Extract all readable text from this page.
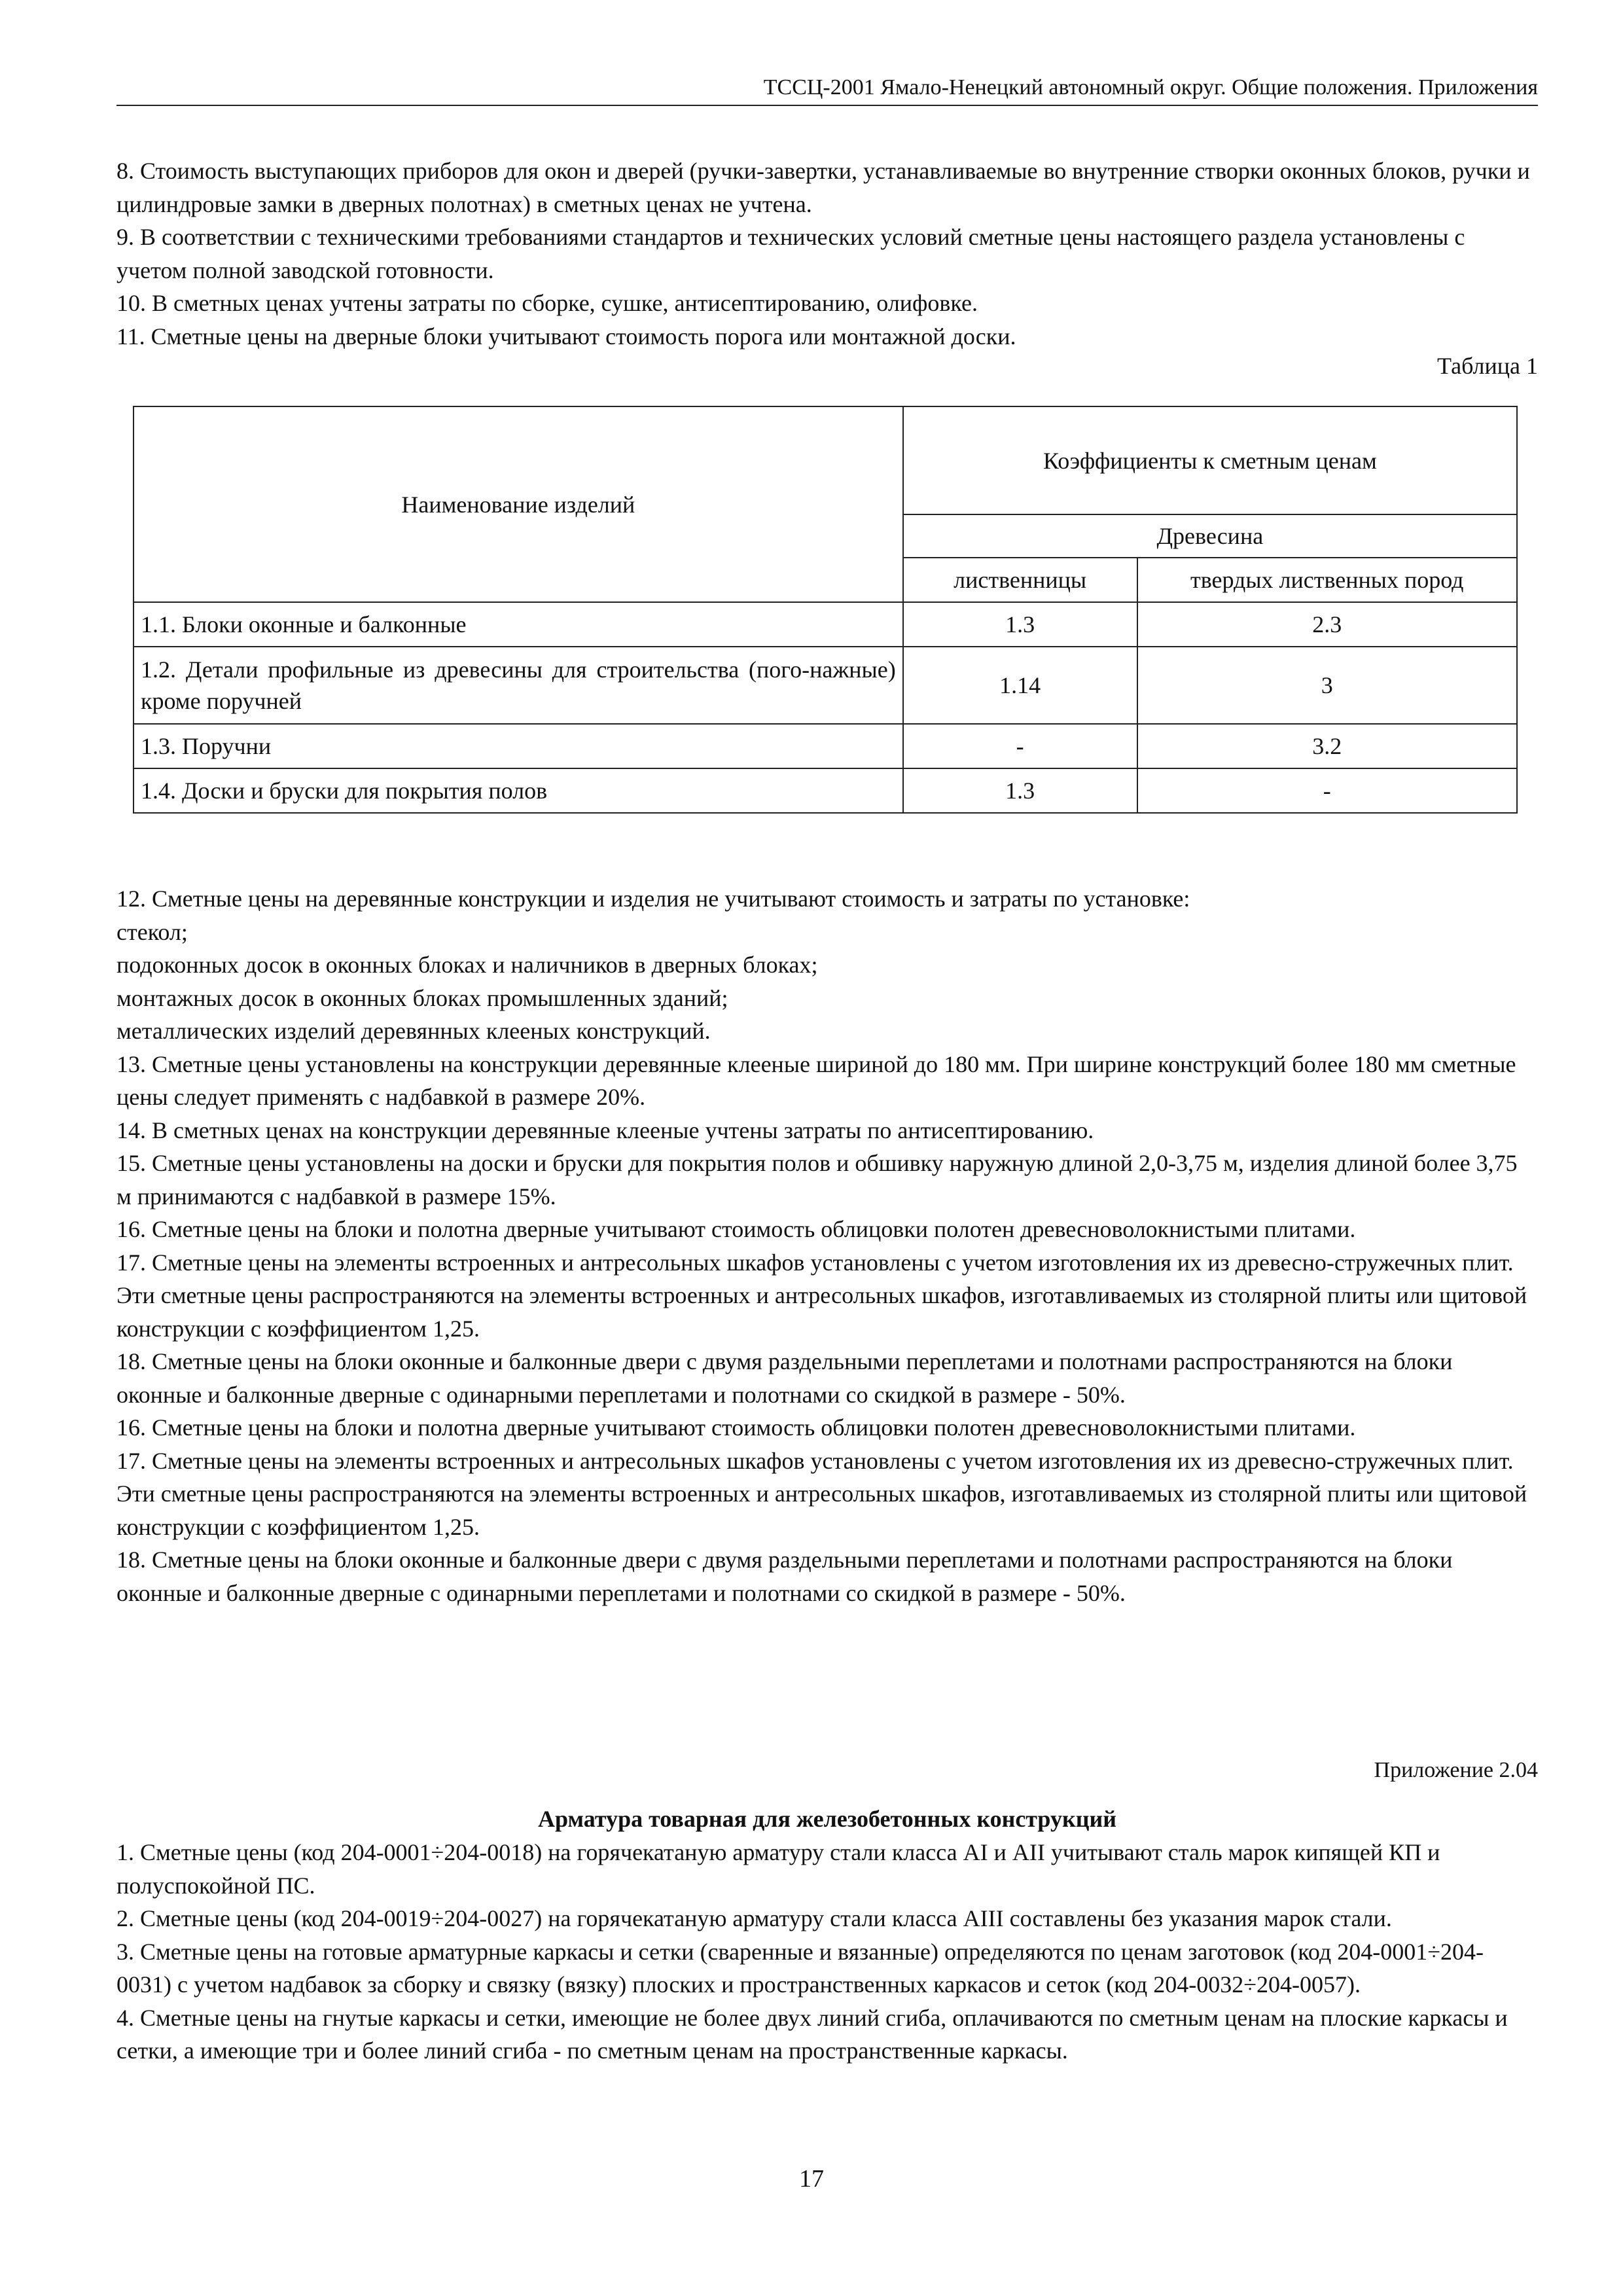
ТССЦ-2001 Ямало-Ненецкий автономный округ. Общие положения. Приложения

8. Стоимость выступающих приборов для окон и дверей (ручки-завертки, устанавливаемые во внутренние створки оконных блоков, ручки и цилиндровые замки в дверных полотнах) в сметных ценах не учтена.

9. В соответствии с техническими требованиями стандартов и технических условий сметные цены настоящего раздела установлены с учетом полной заводской готовности.

10. В сметных ценах учтены затраты по сборке, сушке, антисептированию, олифовке.

11. Сметные цены на дверные блоки учитывают стоимость порога или монтажной доски.

Таблица 1
Наименование изделий	Коэффициенты к сметным ценам	
	Древесина	
	лиственницы	твердых лиственных пород
1.1. Блоки оконные и балконные	1.3	2.3
1.2. Детали профильные из древесины для строительства (пого-нажные) кроме поручней	1.14	3
1.3. Поручни	-	3.2
1.4. Доски и бруски для покрытия полов	1.3	-

12. Сметные цены на деревянные конструкции и изделия не учитывают стоимость и затраты по установке:

стекол;

подоконных досок в оконных блоках и наличников в дверных блоках;

монтажных досок в оконных блоках промышленных зданий;

металлических изделий деревянных клееных конструкций.

13. Сметные цены установлены на конструкции деревянные клееные шириной до 180 мм. При ширине конструкций более 180 мм сметные цены следует применять с надбавкой в размере 20%.

14. В сметных ценах на конструкции деревянные клееные учтены затраты по антисептированию.

15. Сметные цены установлены на доски и бруски для покрытия полов и обшивку наружную длиной 2,0-3,75 м, изделия длиной более 3,75 м принимаются с надбавкой в размере 15%.

16. Сметные цены на блоки и полотна дверные учитывают стоимость облицовки полотен древесноволокнистыми плитами.

17. Сметные цены на элементы встроенных и антресольных шкафов установлены с учетом изготовления их из древесно-стружечных плит. Эти сметные цены распространяются на элементы встроенных и антресольных шкафов, изготавливаемых из столярной плиты или щитовой конструкции с коэффициентом 1,25.

18. Сметные цены на блоки оконные и балконные двери с двумя раздельными переплетами и полотнами распространяются на блоки оконные и балконные дверные с одинарными переплетами и полотнами со скидкой в размере - 50%.

16. Сметные цены на блоки и полотна дверные учитывают стоимость облицовки полотен древесноволокнистыми плитами.

17. Сметные цены на элементы встроенных и антресольных шкафов установлены с учетом изготовления их из древесно-стружечных плит. Эти сметные цены распространяются на элементы встроенных и антресольных шкафов, изготавливаемых из столярной плиты или щитовой конструкции с коэффициентом 1,25.

18. Сметные цены на блоки оконные и балконные двери с двумя раздельными переплетами и полотнами распространяются на блоки оконные и балконные дверные с одинарными переплетами и полотнами со скидкой в размере - 50%.

Приложение 2.04
Арматура товарная для железобетонных конструкций

1. Сметные цены (код 204-0001÷204-0018) на горячекатаную арматуру стали класса АI и АII учитывают сталь марок кипящей КП и полуспокойной ПС.

2. Сметные цены (код 204-0019÷204-0027) на горячекатаную арматуру стали класса АIII составлены без указания марок стали.

3. Сметные цены на готовые арматурные каркасы и сетки (сваренные и вязанные) определяются по ценам заготовок (код 204-0001÷204-0031) с учетом надбавок за сборку и связку (вязку) плоских и пространственных каркасов и сеток (код 204-0032÷204-0057).

4. Сметные цены на гнутые каркасы и сетки, имеющие не более двух линий сгиба, оплачиваются по сметным ценам на плоские каркасы и сетки, а имеющие три и более линий сгиба - по сметным ценам на пространственные каркасы.

17
